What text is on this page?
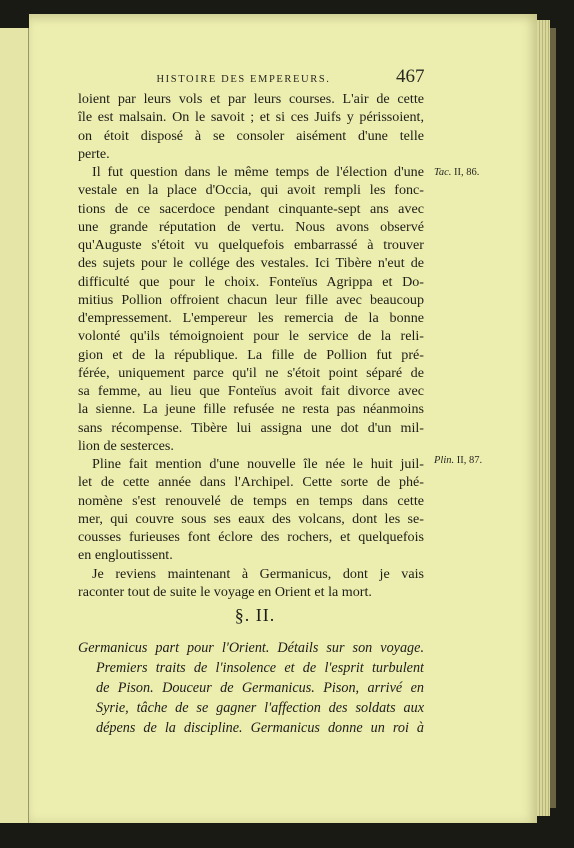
HISTOIRE DES EMPEREURS.	467
loient par leurs vols et par leurs courses. L'air de cette
île est malsain. On le savoit ; et si ces Juifs y périssoient,
on étoit disposé à se consoler aisément d'une telle
perte.
Il fut question dans le même temps de l'élection d'une
vestale en la place d'Occia, qui avoit rempli les fonc-
tions de ce sacerdoce pendant cinquante-sept ans avec
une grande réputation de vertu. Nous avons observé
qu'Auguste s'étoit vu quelquefois embarrassé à trouver
des sujets pour le collége des vestales. Ici Tibère n'eut de
difficulté que pour le choix. Fonteïus Agrippa et Do-
mitius Pollion offroient chacun leur fille avec beaucoup
d'empressement. L'empereur les remercia de la bonne
volonté qu'ils témoignoient pour le service de la reli-
gion et de la république. La fille de Pollion fut pré-
férée, uniquement parce qu'il ne s'étoit point séparé de
sa femme, au lieu que Fonteïus avoit fait divorce avec
la sienne. La jeune fille refusée ne resta pas néanmoins
sans récompense. Tibère lui assigna une dot d'un mil-
lion de sesterces.
Pline fait mention d'une nouvelle île née le huit juil-
let de cette année dans l'Archipel. Cette sorte de phé-
nomène s'est renouvelé de temps en temps dans cette
mer, qui couvre sous ses eaux des volcans, dont les se-
cousses furieuses font éclore des rochers, et quelquefois
en engloutissent.
Je reviens maintenant à Germanicus, dont je vais
raconter tout de suite le voyage en Orient et la mort.
Tac. II, 86.
Plin. II, 87.
§. II.
Germanicus part pour l'Orient. Détails sur son voyage.
Premiers traits de l'insolence et de l'esprit turbulent
de Pison. Douceur de Germanicus. Pison, arrivé en
Syrie, tâche de se gagner l'affection des soldats aux
dépens de la discipline. Germanicus donne un roi à
